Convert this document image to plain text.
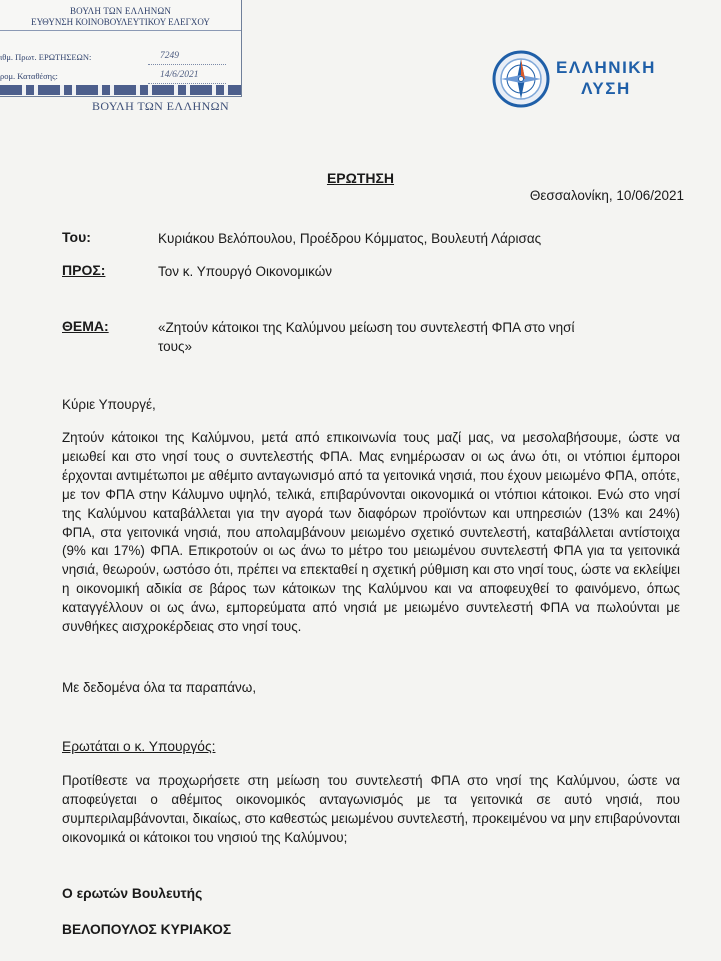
ΒΟΥΛΗ ΤΩΝ ΕΛΛΗΝΩΝ
ΕΥΘΥΝΣΗ ΚΟΙΝΟΒΟΥΛΕΥΤΙΚΟΥ ΕΛΕΓΧΟΥ
ιθμ. Πρωτ. ΕΡΩΤΗΣΕΩΝ:	7249
ρομ. Καταθέσης:	14/6/2021
ΒΟΥΛΗ ΤΩΝ ΕΛΛΗΝΩΝ
ΕΛΛΗΝΙΚΗ
ΛΥΣΗ
ΕΡΩΤΗΣΗ
Θεσσαλονίκη, 10/06/2021
Του:	Κυριάκου Βελόπουλου, Προέδρου Κόμματος, Βουλευτή Λάρισας
ΠΡΟΣ:	Τον κ. Υπουργό Οικονομικών
ΘΕΜΑ:	«Ζητούν κάτοικοι της Καλύμνου μείωση του συντελεστή ΦΠΑ στο νησί
τους»
Κύριε Υπουργέ,

Ζητούν κάτοικοι της Καλύμνου, μετά από επικοινωνία τους μαζί μας, να μεσολαβήσουμε, ώστε να μειωθεί και στο νησί τους ο συντελεστής ΦΠΑ. Μας ενημέρωσαν οι ως άνω ότι, οι ντόπιοι έμποροι έρχονται αντιμέτωποι με αθέμιτο ανταγωνισμό από τα γειτονικά νησιά, που έχουν μειωμένο ΦΠΑ, οπότε, με τον ΦΠΑ στην Κάλυμνο υψηλό, τελικά, επιβαρύνονται οικονομικά οι ντόπιοι κάτοικοι. Ενώ στο νησί της Καλύμνου καταβάλλεται για την αγορά των διαφόρων προϊόντων και υπηρεσιών (13% και 24%) ΦΠΑ, στα γειτονικά νησιά, που απολαμβάνουν μειωμένο σχετικό συντελεστή, καταβάλλεται αντίστοιχα (9% και 17%) ΦΠΑ. Επικροτούν οι ως άνω το μέτρο του μειωμένου συντελεστή ΦΠΑ για τα γειτονικά νησιά, θεωρούν, ωστόσο ότι, πρέπει να επεκταθεί η σχετική ρύθμιση και στο νησί τους, ώστε να εκλείψει η οικονομική αδικία σε βάρος των κάτοικων της Καλύμνου και να αποφευχθεί το φαινόμενο, όπως καταγγέλλουν οι ως άνω, εμπορεύματα από νησιά με μειωμένο συντελεστή ΦΠΑ να πωλούνται με συνθήκες αισχροκέρδειας στο νησί τους.

Με δεδομένα όλα τα παραπάνω,
Ερωτάται ο κ. Υπουργός:
Προτίθεστε να προχωρήσετε στη μείωση του συντελεστή ΦΠΑ στο νησί της Καλύμνου, ώστε να αποφεύγεται ο αθέμιτος οικονομικός ανταγωνισμός με τα γειτονικά σε αυτό νησιά, που συμπεριλαμβάνονται, δικαίως, στο καθεστώς μειωμένου συντελεστή, προκειμένου να μην επιβαρύνονται οικονομικά οι κάτοικοι του νησιού της Καλύμνου;
Ο ερωτών Βουλευτής
ΒΕΛΟΠΟΥΛΟΣ ΚΥΡΙΑΚΟΣ
